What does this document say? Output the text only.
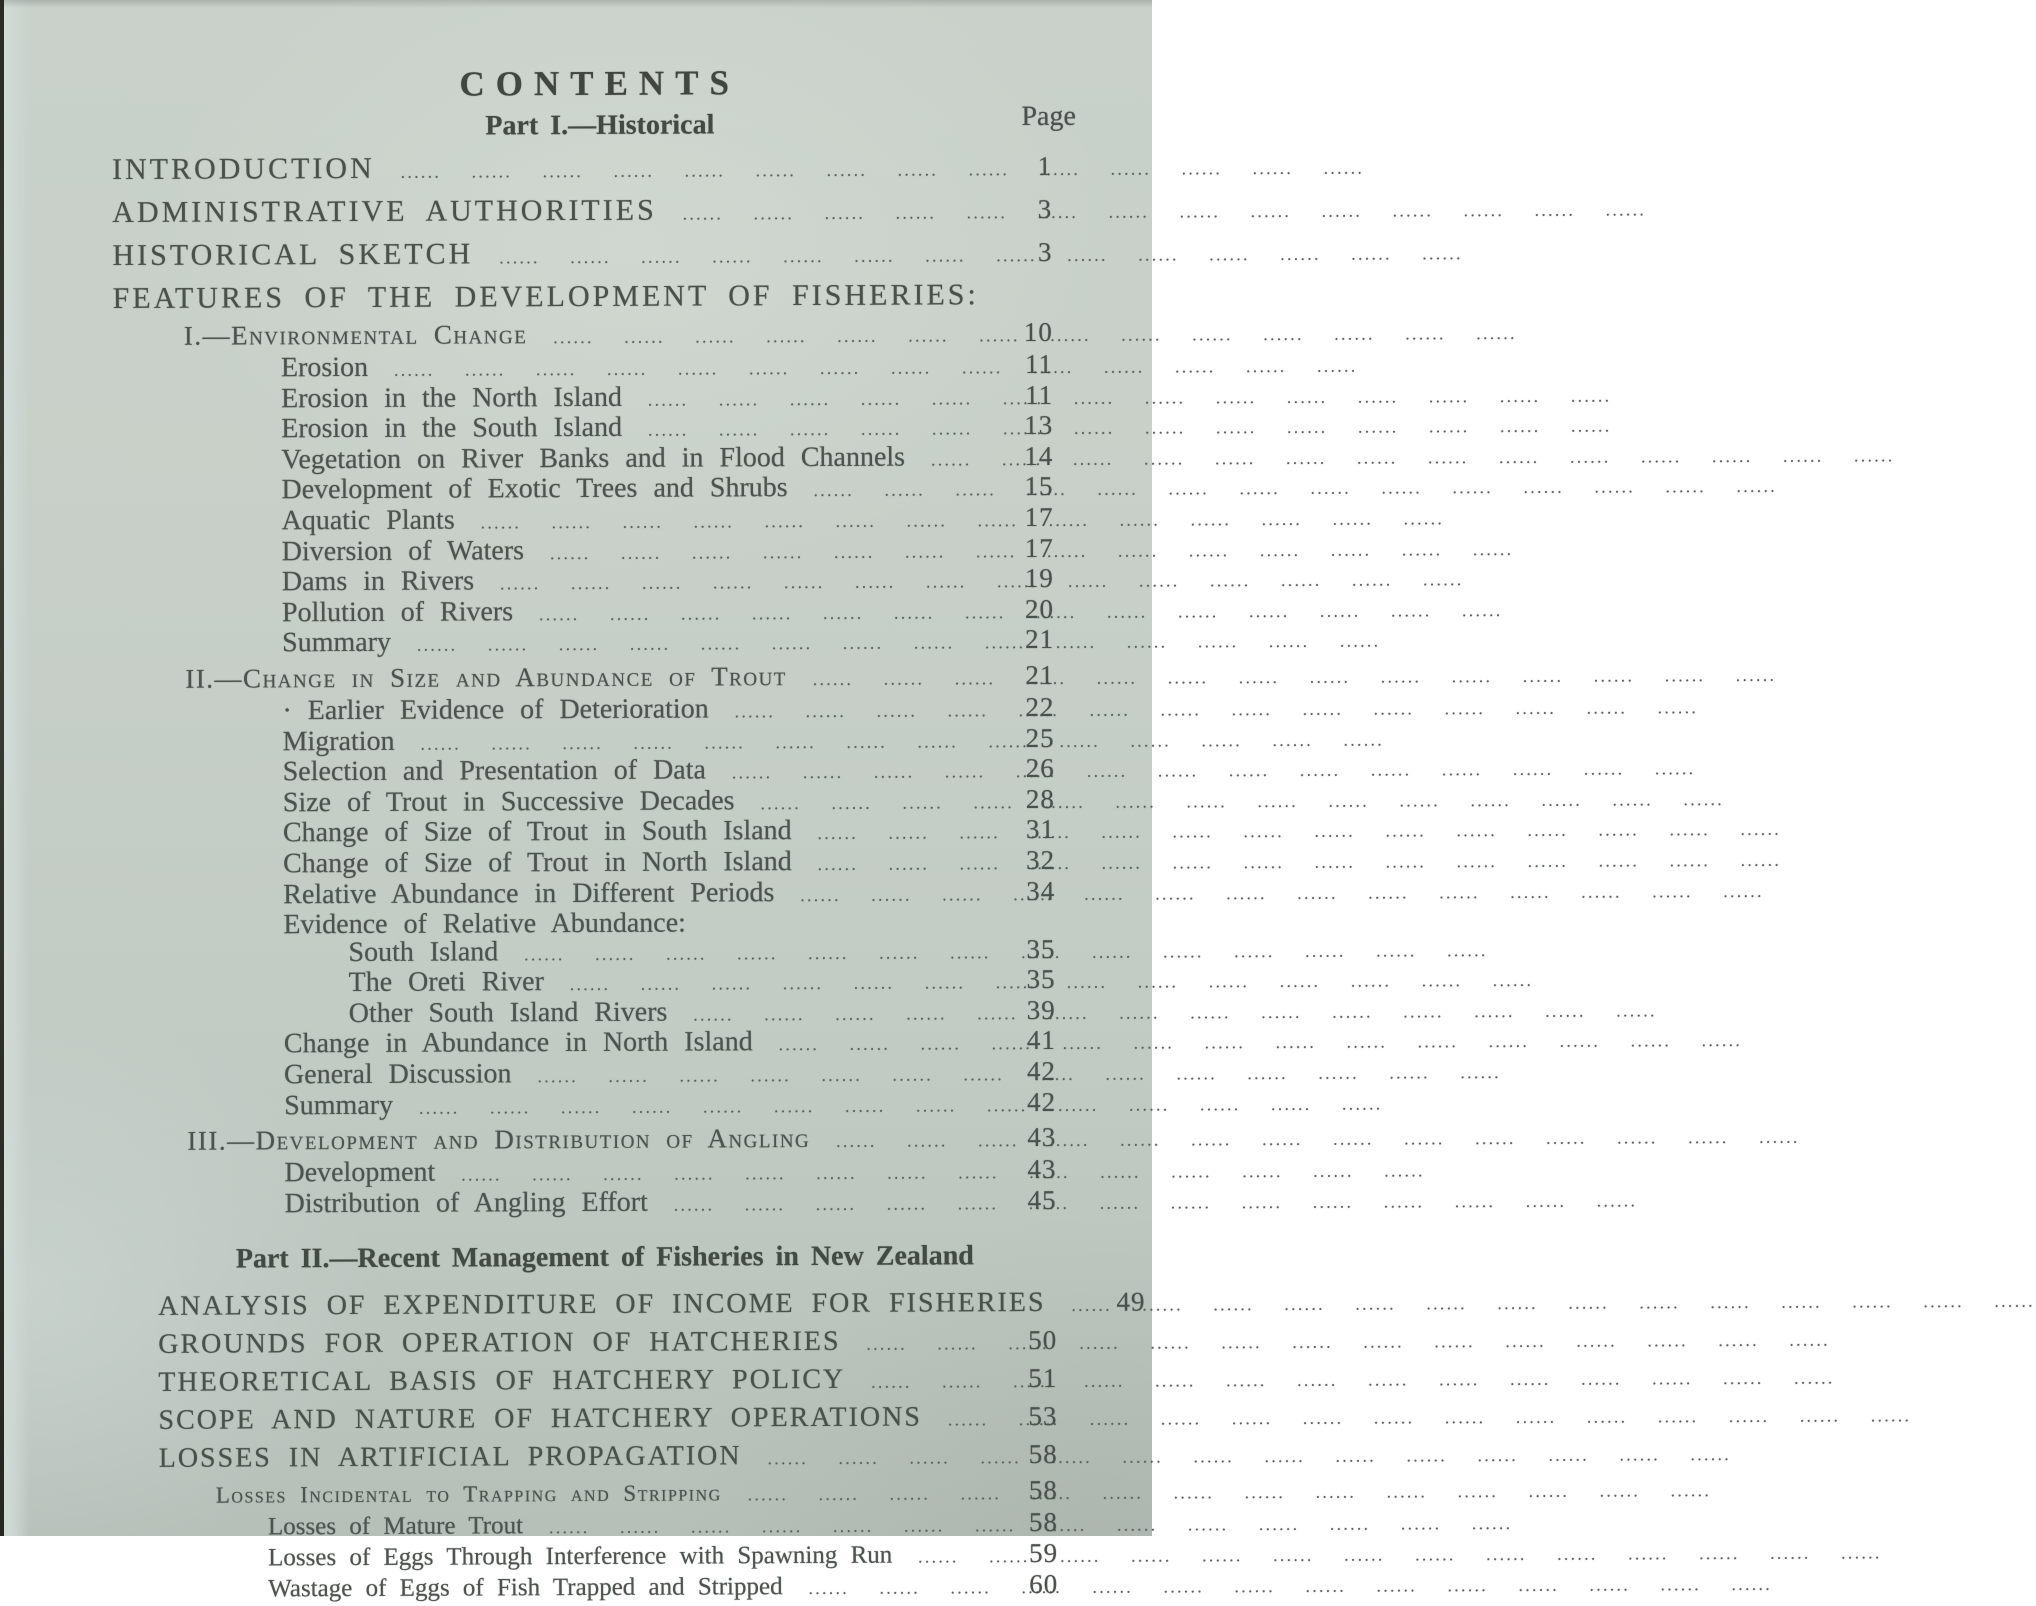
CONTENTS
Page
Part I.—Historical
INTRODUCTION .....	1
ADMINISTRATIVE AUTHORITIES .....	3
HISTORICAL SKETCH .....	3
FEATURES OF THE DEVELOPMENT OF FISHERIES:
I.—Environmental Change .....	10
Erosion .....	11
Erosion in the North Island .....	11
Erosion in the South Island .....	13
Vegetation on River Banks and in Flood Channels .....	14
Development of Exotic Trees and Shrubs .....	15
Aquatic Plants .....	17
Diversion of Waters .....	17
Dams in Rivers .....	19
Pollution of Rivers .....	20
Summary .....	21
II.—Change in Size and Abundance of Trout .....	21
· Earlier Evidence of Deterioration .....	22
Migration .....	25
Selection and Presentation of Data .....	26
Size of Trout in Successive Decades .....	28
Change of Size of Trout in South Island .....	31
Change of Size of Trout in North Island .....	32
Relative Abundance in Different Periods .....	34
Evidence of Relative Abundance:
South Island .....	35
The Oreti River .....	35
Other South Island Rivers .....	39
Change in Abundance in North Island .....	41
General Discussion .....	42
Summary .....	42
III.—Development and Distribution of Angling .....	43
Development .....	43
Distribution of Angling Effort .....	45
Part II.—Recent Management of Fisheries in New Zealand
ANALYSIS OF EXPENDITURE OF INCOME FOR FISHERIES .....	49
GROUNDS FOR OPERATION OF HATCHERIES .....	50
THEORETICAL BASIS OF HATCHERY POLICY .....	51
SCOPE AND NATURE OF HATCHERY OPERATIONS .....	53
LOSSES IN ARTIFICIAL PROPAGATION .....	58
Losses Incidental to Trapping and Stripping .....	58
Losses of Mature Trout .....	58
Losses of Eggs Through Interference with Spawning Run .....	59
Wastage of Eggs of Fish Trapped and Stripped .....	60
